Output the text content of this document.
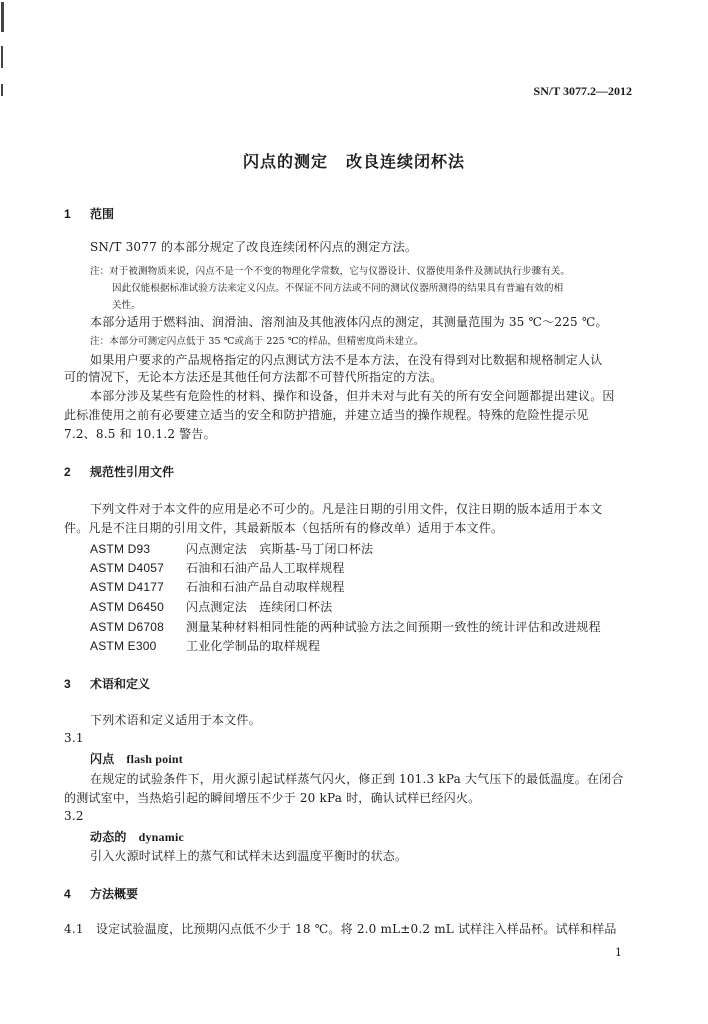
SN/T 3077.2—2012
闪点的测定 改良连续闭杯法
1 范围
SN/T 3077 的本部分规定了改良连续闭杯闪点的测定方法。
注：对于被测物质来说，闪点不是一个不变的物理化学常数，它与仪器设计、仪器使用条件及测试执行步骤有关。
因此仅能根据标准试验方法来定义闪点。不保证不同方法或不同的测试仪器所测得的结果具有普遍有效的相
关性。
本部分适用于燃料油、润滑油、溶剂油及其他液体闪点的测定，其测量范围为 35 ℃～225 ℃。
注：本部分可测定闪点低于 35 ℃或高于 225 ℃的样品，但精密度尚未建立。
如果用户要求的产品规格指定的闪点测试方法不是本方法，在没有得到对比数据和规格制定人认
可的情况下，无论本方法还是其他任何方法都不可替代所指定的方法。
本部分涉及某些有危险性的材料、操作和设备，但并未对与此有关的所有安全问题都提出建议。因
此标准使用之前有必要建立适当的安全和防护措施，并建立适当的操作规程。特殊的危险性提示见
7.2、8.5 和 10.1.2 警告。
2 规范性引用文件
下列文件对于本文件的应用是必不可少的。凡是注日期的引用文件，仅注日期的版本适用于本文
件。凡是不注日期的引用文件，其最新版本（包括所有的修改单）适用于本文件。
ASTM D93	闪点测定法　宾斯基-马丁闭口杯法
ASTM D4057 石油和石油产品人工取样规程
ASTM D4177 石油和石油产品自动取样规程
ASTM D6450 闪点测定法　连续闭口杯法
ASTM D6708 测量某种材料相同性能的两种试验方法之间预期一致性的统计评估和改进规程
ASTM E300 工业化学制品的取样规程
3 术语和定义
下列术语和定义适用于本文件。
3.1
闪点 flash point
在规定的试验条件下，用火源引起试样蒸气闪火，修正到 101.3 kPa 大气压下的最低温度。在闭合
的测试室中，当热焰引起的瞬间增压不少于 20 kPa 时，确认试样已经闪火。
3.2
动态的 dynamic
引入火源时试样上的蒸气和试样未达到温度平衡时的状态。
4 方法概要
4.1　设定试验温度，比预期闪点低不少于 18 ℃。将 2.0 mL±0.2 mL 试样注入样品杯。试样和样品
1
